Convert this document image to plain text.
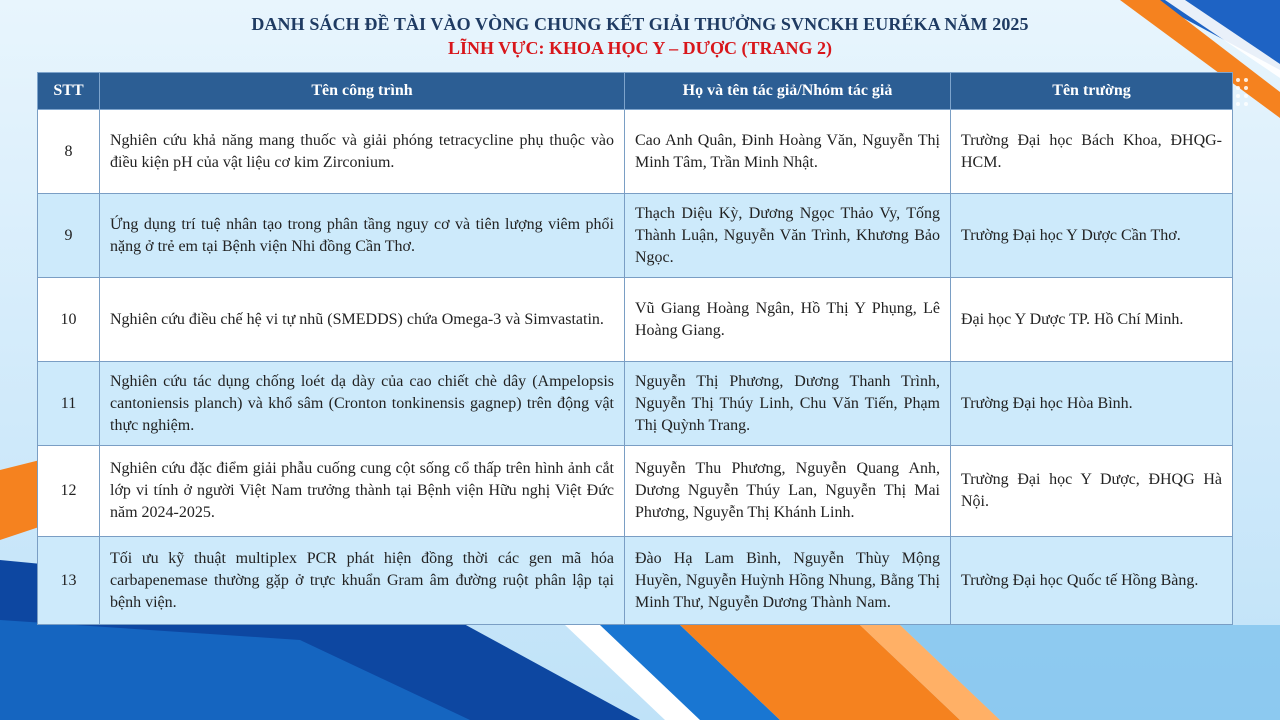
DANH SÁCH ĐỀ TÀI VÀO VÒNG CHUNG KẾT GIẢI THƯỞNG SVNCKH EURÉKA NĂM 2025
LĨNH VỰC: KHOA HỌC Y – DƯỢC (TRANG 2)
STT	Tên công trình	Họ và tên tác giả/Nhóm tác giả	Tên trường
8	Nghiên cứu khả năng mang thuốc và giải phóng tetracycline phụ thuộc vào điều kiện pH của vật liệu cơ kim Zirconium.	Cao Anh Quân, Đinh Hoàng Văn, Nguyễn Thị Minh Tâm, Trần Minh Nhật.	Trường Đại học Bách Khoa, ĐHQG-HCM.
9	Ứng dụng trí tuệ nhân tạo trong phân tầng nguy cơ và tiên lượng viêm phổi nặng ở trẻ em tại Bệnh viện Nhi đồng Cần Thơ.	Thạch Diệu Kỳ, Dương Ngọc Thảo Vy, Tống Thành Luận, Nguyễn Văn Trình, Khương Bảo Ngọc.	Trường Đại học Y Dược Cần Thơ.
10	Nghiên cứu điều chế hệ vi tự nhũ (SMEDDS) chứa Omega-3 và Simvastatin.	Vũ Giang Hoàng Ngân, Hồ Thị Y Phụng, Lê Hoàng Giang.	Đại học Y Dược TP. Hồ Chí Minh.
11	Nghiên cứu tác dụng chống loét dạ dày của cao chiết chè dây (Ampelopsis cantoniensis planch) và khổ sâm (Cronton tonkinensis gagnep) trên động vật thực nghiệm.	Nguyễn Thị Phương, Dương Thanh Trình, Nguyễn Thị Thúy Linh, Chu Văn Tiến, Phạm Thị Quỳnh Trang.	Trường Đại học Hòa Bình.
12	Nghiên cứu đặc điểm giải phẫu cuống cung cột sống cổ thấp trên hình ảnh cắt lớp vi tính ở người Việt Nam trưởng thành tại Bệnh viện Hữu nghị Việt Đức năm 2024-2025.	Nguyễn Thu Phương, Nguyễn Quang Anh, Dương Nguyễn Thúy Lan, Nguyễn Thị Mai Phương, Nguyễn Thị Khánh Linh.	Trường Đại học Y Dược, ĐHQG Hà Nội.
13	Tối ưu kỹ thuật multiplex PCR phát hiện đồng thời các gen mã hóa carbapenemase thường gặp ở trực khuẩn Gram âm đường ruột phân lập tại bệnh viện.	Đào Hạ Lam Bình, Nguyễn Thùy Mộng Huyền, Nguyễn Huỳnh Hồng Nhung, Bằng Thị Minh Thư, Nguyễn Dương Thành Nam.	Trường Đại học Quốc tế Hồng Bàng.
